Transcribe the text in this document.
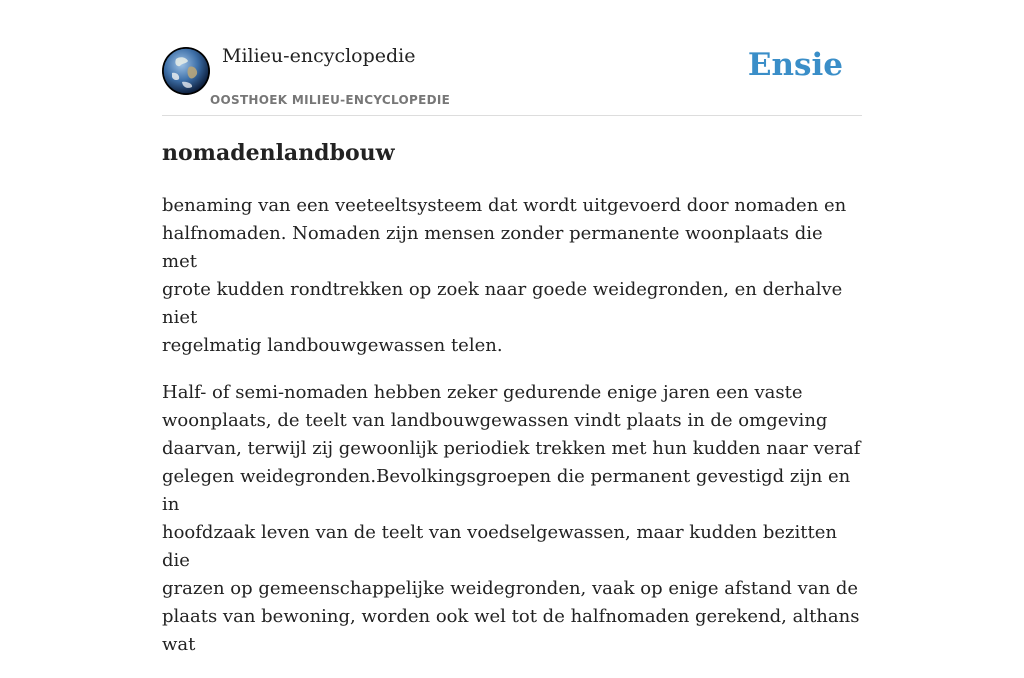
Milieu-encyclopedie
OOSTHOEK MILIEU-ENCYCLOPEDIE
Ensie
nomadenlandbouw

benaming van een veeteeltsysteem dat wordt uitgevoerd door nomaden en
halfnomaden. Nomaden zijn mensen zonder permanente woonplaats die met
grote kudden rondtrekken op zoek naar goede weidegronden, en derhalve niet
regelmatig landbouwgewassen telen.

Half- of semi-nomaden hebben zeker gedurende enige jaren een vaste
woonplaats, de teelt van landbouwgewassen vindt plaats in de omgeving
daarvan, terwijl zij gewoonlijk periodiek trekken met hun kudden naar veraf
gelegen weidegronden.Bevolkingsgroepen die permanent gevestigd zijn en in
hoofdzaak leven van de teelt van voedselgewassen, maar kudden bezitten die
grazen op gemeenschappelijke weidegronden, vaak op enige afstand van de
plaats van bewoning, worden ook wel tot de halfnomaden gerekend, althans wat
